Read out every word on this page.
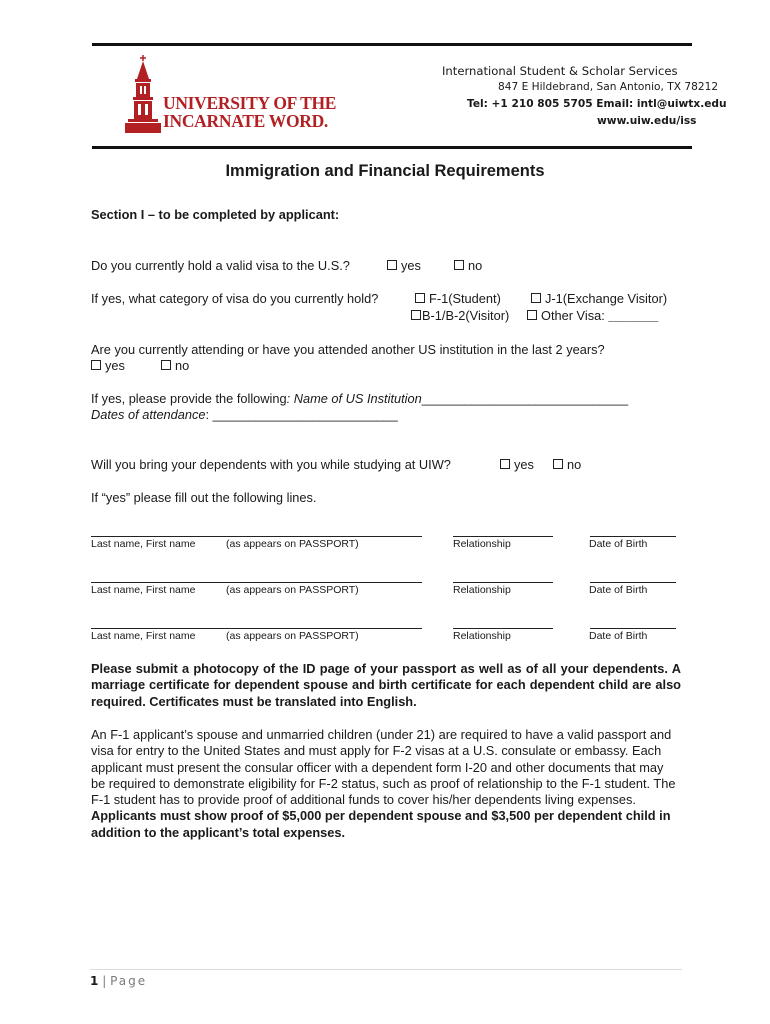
UNIVERSITY OF THE
INCARNATE WORD.
International Student & Scholar Services
847 E Hildebrand, San Antonio, TX 78212
Tel: +1 210 805 5705 Email: intl@uiwtx.edu
www.uiw.edu/iss
Immigration and Financial Requirements
Section I – to be completed by applicant:
Do you currently hold a valid visa to the U.S.?	yes	no
If yes, what category of visa do you currently hold?	F-1(Student)	J-1(Exchange Visitor)
B-1/B-2(Visitor)	Other Visa: _______
Are you currently attending or have you attended another US institution in the last 2 years?
yes	no
If yes, please provide the following: Name of US Institution_____________________________
Dates of attendance: __________________________
Will you bring your dependents with you while studying at UIW?	yes	no
If “yes” please fill out the following lines.
Last name, First name	(as appears on PASSPORT)	Relationship	Date of Birth
Last name, First name	(as appears on PASSPORT)	Relationship	Date of Birth
Last name, First name	(as appears on PASSPORT)	Relationship	Date of Birth
Please submit a photocopy of the ID page of your passport as well as of all your dependents. A marriage certificate for dependent spouse and birth certificate for each dependent child are also required. Certificates must be translated into English.
An F-1 applicant’s spouse and unmarried children (under 21) are required to have a valid passport and visa for entry to the United States and must apply for F-2 visas at a U.S. consulate or embassy. Each applicant must present the consular officer with a dependent form I-20 and other documents that may be required to demonstrate eligibility for F-2 status, such as proof of relationship to the F-1 student. The F-1 student has to provide proof of additional funds to cover his/her dependents living expenses. Applicants must show proof of $5,000 per dependent spouse and $3,500 per dependent child in addition to the applicant’s total expenses.
1 | Page
